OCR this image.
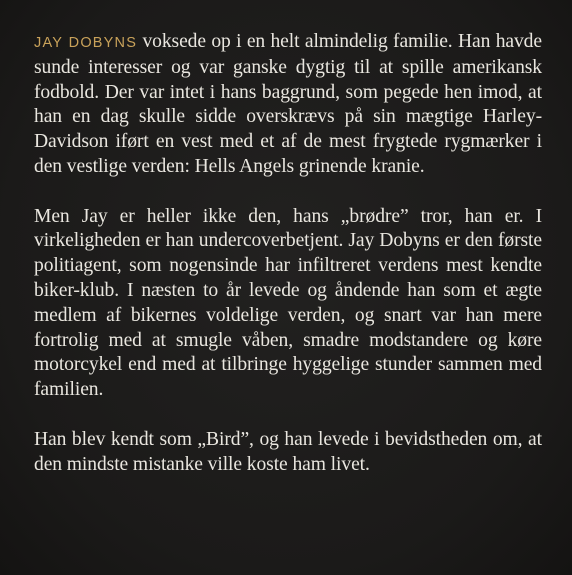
JAY DOBYNS voksede op i en helt almindelig familie. Han havde sunde interesser og var ganske dygtig til at spille amerikansk fodbold. Der var intet i hans baggrund, som pegede hen imod, at han en dag skulle sidde overskrævs på sin mægtige Harley-Davidson iført en vest med et af de mest frygtede rygmærker i den vestlige verden: Hells Angels grinende kranie.

Men Jay er heller ikke den, hans „brødre” tror, han er. I virkeligheden er han undercoverbetjent. Jay Dobyns er den første politiagent, som nogensinde har infiltreret verdens mest kendte biker-klub. I næsten to år levede og åndende han som et ægte medlem af bikernes voldelige verden, og snart var han mere fortrolig med at smugle våben, smadre modstandere og køre motorcykel end med at tilbringe hyggelige stunder sammen med familien.

Han blev kendt som „Bird”, og han levede i bevidstheden om, at den mindste mistanke ville koste ham livet.
